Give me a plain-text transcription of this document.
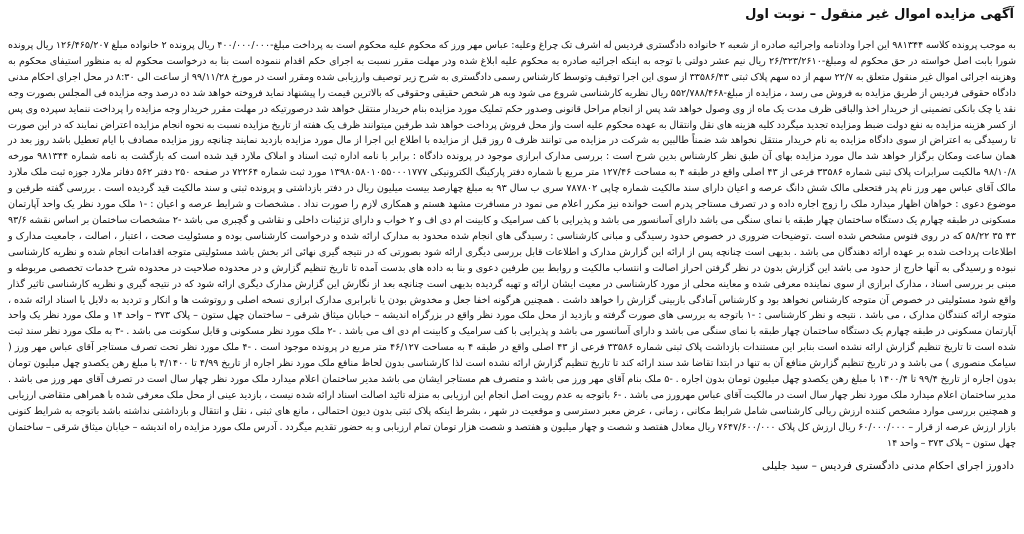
آگهی مزایده اموال غیر منقول – نوبت اول

به موجب پرونده کلاسه ۹۸۱۳۴۴ این اجرا ودادنامه واجرائیه صادره از شعبه ۲ خانواده دادگستری فردیس له اشرف تک چراغ وعلیه: عباس مهر ورز که محکوم علیه محکوم است به پرداخت مبلغ-۴۰۰/۰۰۰/۰۰۰ ریال پرونده ۲ خانواده مبلغ ۱۲۶/۴۶۵/۲۰۷ ریال پرونده شورا بابت اصل خواسته در حق محکوم له ومبلغ-۲۶/۳۲۳/۲۶۱۰ ریال نیم عشر دولتی با توجه به اینکه اجرائیه صادره به محکوم علیه ابلاغ شده ودر مهلت مقرر نسبت به اجرای حکم اقدام ننموده است بنا به درخواست محکوم له به منظور استیفای محکوم به وهزینه اجرائی اموال غیر منقول متعلق به ۲۲/۷ سهم از ده سهم پلاک ثبتی ۳۳۵۸۶/۴۳ از سوی این اجرا توقیف وتوسط کارشناس رسمی دادگستری به شرح زیر توصیف وارزیابی شده ومقرر است در مورخ ۹۹/۱۱/۲۸ از ساعت الی ۸:۳۰ در محل اجرای احکام مدنی دادگاه حقوقی فردیس از طریق مزایده به فروش می رسد ، مزایده از مبلغ-۵۵۲/۷۸۸/۴۶۸ ریال نظریه کارشناسی شروع می شود وبه هر شخص حقیقی وحقوقی که بالاترین قیمت را پیشنهاد نماید فروخته خواهد شد ده درصد وجه مزایده فی المجلس بصورت وجه نقد یا چک بانکی تضمینی از خریدار اخذ والباقی ظرف مدت یک ماه از وی وصول خواهد شد پس از انجام مراحل قانونی وصدور حکم تملیک مورد مزایده بنام خریدار منتقل خواهد شد درصورتیکه در مهلت مقرر خریدار وجه مزایده را پرداخت ننماید سپرده وی پس از کسر هزینه مزایده به نفع دولت ضبط ومزایده تجدید میگردد کلیه هزینه های نقل وانتقال به عهده محکوم علیه است واز محل فروش پرداخت خواهد شد طرفین میتوانند ظرف یک هفته از تاریخ مزایده نسبت به نحوه انجام مزایده اعتراض نمایند که در این صورت تا رسیدگی به اعتراض از سوی دادگاه مزایده به نام خریدار منتقل نخواهد شد ضمناً طالبین به شرکت در مزایده می توانند ظرف ۵ روز قبل از مزایده با اطلاع این اجرا از مال مورد مزایده بازدید نمایند چنانچه روز مزایده مصادف با ایام تعطیل باشد روز بعد در همان ساعت ومکان برگزار خواهد شد مال مورد مزایده بهای آن طبق نظر کارشناس بدین شرح است : بررسی مدارک ابرازی موجود در پرونده دادگاه : برابر با نامه اداره ثبت اسناد و املاک ملارد قید شده است که بازگشت به نامه شماره ۹۸۱۳۴۴ مورخه ۹۸/۱۰/۸ مالکیت سرابرات پلاک ثبتی شماره ۳۳۵۸۶ فرعی از ۴۳ اصلی واقع در طبقه ۴ به مساحت ۱۲۷/۴۶ متر مربع با شماره دفتر پارکینگ الکترونیکی ۱۳۹۸۰۵۸۰۱۰۵۵۰۰۰۱۷۷۷ مورد ثبت شماره ۷۲۲۶۴ در صفحه ۲۵۰ دفتر ۵۶۲ دفاتر ملارد جوزه ثبت ملک ملارد مالک آقای عباس مهر ورز نام پدر فتحعلی مالک شش دانگ عرصه و اعیان دارای سند مالکیت شماره چاپی ۷۸۷۸۰۲ سری ب سال ۹۳ به مبلغ چهارصد بیست میلیون ریال در دفتر بازداشتی و پرونده ثبتی و سند مالکیت قید گردیده است . بررسی گفته طرفین و موضوع دعوی : خواهان اظهار میدارد ملک را زوج اجاره داده و در تصرف مستاجر پدرم است خوانده نیز مکرر اعلام می نمود در مسافرت مشهد هستم و همکاری لازم را صورت نداد . مشخصات و شرایط عرصه و اعیان : -۱ ملک مورد نظر یک واحد آپارتمان مسکونی در طبقه چهارم یک دستگاه ساختمان چهار طبقه با نمای سنگی می باشد دارای آسانسور می باشد و پذیرایی با کف سرامیک و کابینت ام دی اف و ۲ خواب و دارای تزئینات داخلی و نقاشی و گچبری می باشد -۲ مشخصات ساختمان بر اساس نقشه ۹۳/۶ ۴۳ ۳۵ ۵۸/۲۲ که در روی فتوس مشخص شده است .توضیحات ضروری در خصوص حدود رسیدگی و مبانی کارشناسی : رسیدگی های انجام شده محدود به مدارک ارائه شده و درخواست کارشناسی بوده و مسئولیت صحت ، اعتبار ، اصالت ، جامعیت مدارک و اطلاعات پرداخت شده بر عهده ارائه دهندگان می باشد . بدیهی است چنانچه پس از ارائه این گزارش مدارک و اطلاعات قابل بررسی دیگری ارائه شود بصورتی که در نتیجه گیری نهائی اثر بخش باشد مسئولیتی متوجه اقدامات انجام شده و نظریه کارشناسی نبوده و رسیدگی به آنها خارج از حدود می باشد این گزارش بدون در نظر گرفتن احراز اصالت و انتساب مالکیت و روابط بین طرفین دعوی و بنا به داده های بدست آمده تا تاریخ تنظیم گزارش و در محدوده صلاحیت در محدوده شرح خدمات تخصصی مربوطه و مبنی بر بررسی اسناد ، مدارک ابرازی از سوی نماینده معرفی شده و معاینه محلی از مورد کارشناسی در معیت ایشان ارائه و تهیه گردیده بدیهی است چنانچه بعد از نگارش این گزارش مدارک دیگری ارائه شود که در نتیجه گیری و نظریه کارشناسی تاثیر گذار واقع شود مسئولیتی در خصوص آن متوجه کارشناس نخواهد بود و کارشناس آمادگی بازبینی گزارش را خواهد داشت . همچنین هرگونه اخفا جعل و مخدوش بودن یا نابرابری مدارک ابرازی نسخه اصلی و روتوشت ها و انکار و تردید به دلایل یا اسناد ارائه شده ، متوجه ارائه کنندگان مدارک ، می باشد . نتیجه و نظر کارشناسی : -۱ باتوجه به بررسی های صورت گرفته و بازدید از محل ملک مورد نظر واقع در بزرگراه اندیشه – خیابان میثاق شرقی – ساختمان چهل ستون – پلاک ۳۷۳ – واحد ۱۴ و ملک مورد نظر یک واحد آپارتمان مسکونی در طبقه چهارم یک دستگاه ساختمان چهار طبقه با نمای سنگی می باشد و دارای آسانسور می باشد و پذیرایی با کف سرامیک و کابینت ام دی اف می باشد . -۲ ملک مورد نظر مسکونی و قابل سکونت می باشد . -۳ به ملک مورد نظر سند ثبت شده است تا تاریخ تنظیم گزارش ارائه نشده است بنابر این مستندات بازداشت پلاک ثبتی شماره ۳۳۵۸۶ فرعی از ۴۳ اصلی واقع در طبقه ۴ به مساحت ۴۶/۱۲۷ متر مربع در پرونده موجود است . -۴ ملک مورد نظر تحت تصرف مستاجر آقای عباس مهر ورز ( سیامک منصوری ) می باشد و در تاریخ تنظیم گزارش منافع آن به تنها در ابتدا تقاضا شد سند ارائه کند تا تاریخ تنظیم گزارش ارائه نشده است لذا کارشناسی بدون لحاظ منافع ملک مورد نظر اجاره از تاریخ ۴/۹۹ تا ۴/۱۴۰۰ با مبلغ رهن یکصدو چهل میلیون تومان بدون اجاره از تاریخ ۹۹/۴ تا ۱۴۰۰/۴ با مبلغ رهن یکصدو چهل میلیون تومان بدون اجاره . -۵ ملک بنام آقای مهر ورز می باشد و متصرف هم مستاجر ایشان می باشد مدیر ساختمان اعلام میدارد ملک مورد نظر چهار سال است در تصرف آقای مهر ورز می باشد . مدیر ساختمان اعلام میدارد ملک مورد نظر چهار سال است در مالکیت آقای عباس مهرورز می باشد . -۶ باتوجه به عدم رویت اصل انجام این ارزیابی به منزله تائید اصالت اسناد ارائه شده نیست ، بازدید عینی از محل ملک معرفی شده با همراهی متقاضی ارزیابی و همچنین بررسی موارد مشخص کننده ارزش ریالی کارشناسی شامل شرایط مکانی ، زمانی ، عرض معبر دسترسی و موقعیت در شهر ، بشرط اینکه پلاک ثبتی بدون دیون احتمالی ، مانع های ثبتی ، نقل و انتقال و بازداشتی نداشته باشد باتوجه به شرایط کنونی بازار ارزش عرصه از قرار – ۶۰/۰۰۰/۰۰۰ ریال ارزش کل پلاک ۷۶۴۷/۶۰۰/۰۰۰ ریال معادل هفتصد و شصت و چهار میلیون و هفتصد و شصت هزار تومان تمام ارزیابی و به حضور تقدیم میگردد . آدرس ملک مورد مزایده راه اندیشه – خیابان میثاق شرقی – ساختمان چهل ستون – پلاک ۳۷۳ – واحد ۱۴

دادورز اجرای احکام مدنی دادگستری فردیس – سید جلیلی
